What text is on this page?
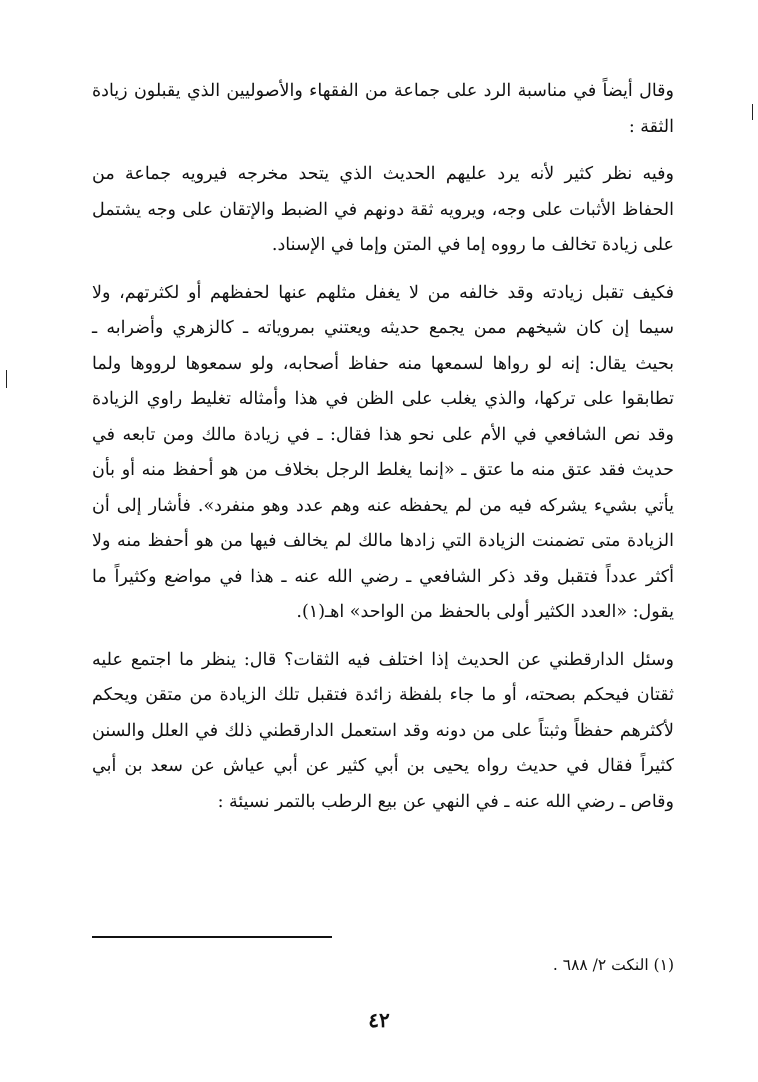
وقال أيضاً في مناسبة الرد على جماعة من الفقهاء والأصوليين الذي يقبلون زيادة الثقة :

وفيه نظر كثير لأنه يرد عليهم الحديث الذي يتحد مخرجه فيرويه جماعة من الحفاظ الأثبات على وجه، ويرويه ثقة دونهم في الضبط والإتقان على وجه يشتمل على زيادة تخالف ما رووه إما في المتن وإما في الإسناد.

فكيف تقبل زيادته وقد خالفه من لا يغفل مثلهم عنها لحفظهم أو لكثرتهم، ولا سيما إن كان شيخهم ممن يجمع حديثه ويعتني بمروياته ـ كالزهري وأضرابه ـ بحيث يقال: إنه لو رواها لسمعها منه حفاظ أصحابه، ولو سمعوها لرووها ولما تطابقوا على تركها، والذي يغلب على الظن في هذا وأمثاله تغليط راوي الزيادة وقد نص الشافعي في الأم على نحو هذا فقال: ـ في زيادة مالك ومن تابعه في حديث فقد عتق منه ما عتق ـ «إنما يغلط الرجل بخلاف من هو أحفظ منه أو بأن يأتي بشيء يشركه فيه من لم يحفظه عنه وهم عدد وهو منفرد». فأشار إلى أن الزيادة متى تضمنت الزيادة التي زادها مالك لم يخالف فيها من هو أحفظ منه ولا أكثر عدداً فتقبل وقد ذكر الشافعي ـ رضي الله عنه ـ هذا في مواضع وكثيراً ما يقول: «العدد الكثير أولى بالحفظ من الواحد» اهـ(١).

وسئل الدارقطني عن الحديث إذا اختلف فيه الثقات؟ قال: ينظر ما اجتمع عليه ثقتان فيحكم بصحته، أو ما جاء بلفظة زائدة فتقبل تلك الزيادة من متقن ويحكم لأكثرهم حفظاً وثبتاً على من دونه وقد استعمل الدارقطني ذلك في العلل والسنن كثيراً فقال في حديث رواه يحيى بن أبي كثير عن أبي عياش عن سعد بن أبي وقاص ـ رضي الله عنه ـ في النهي عن بيع الرطب بالتمر نسيئة :

(١) النكت ٢/ ٦٨٨ .
٤٢
